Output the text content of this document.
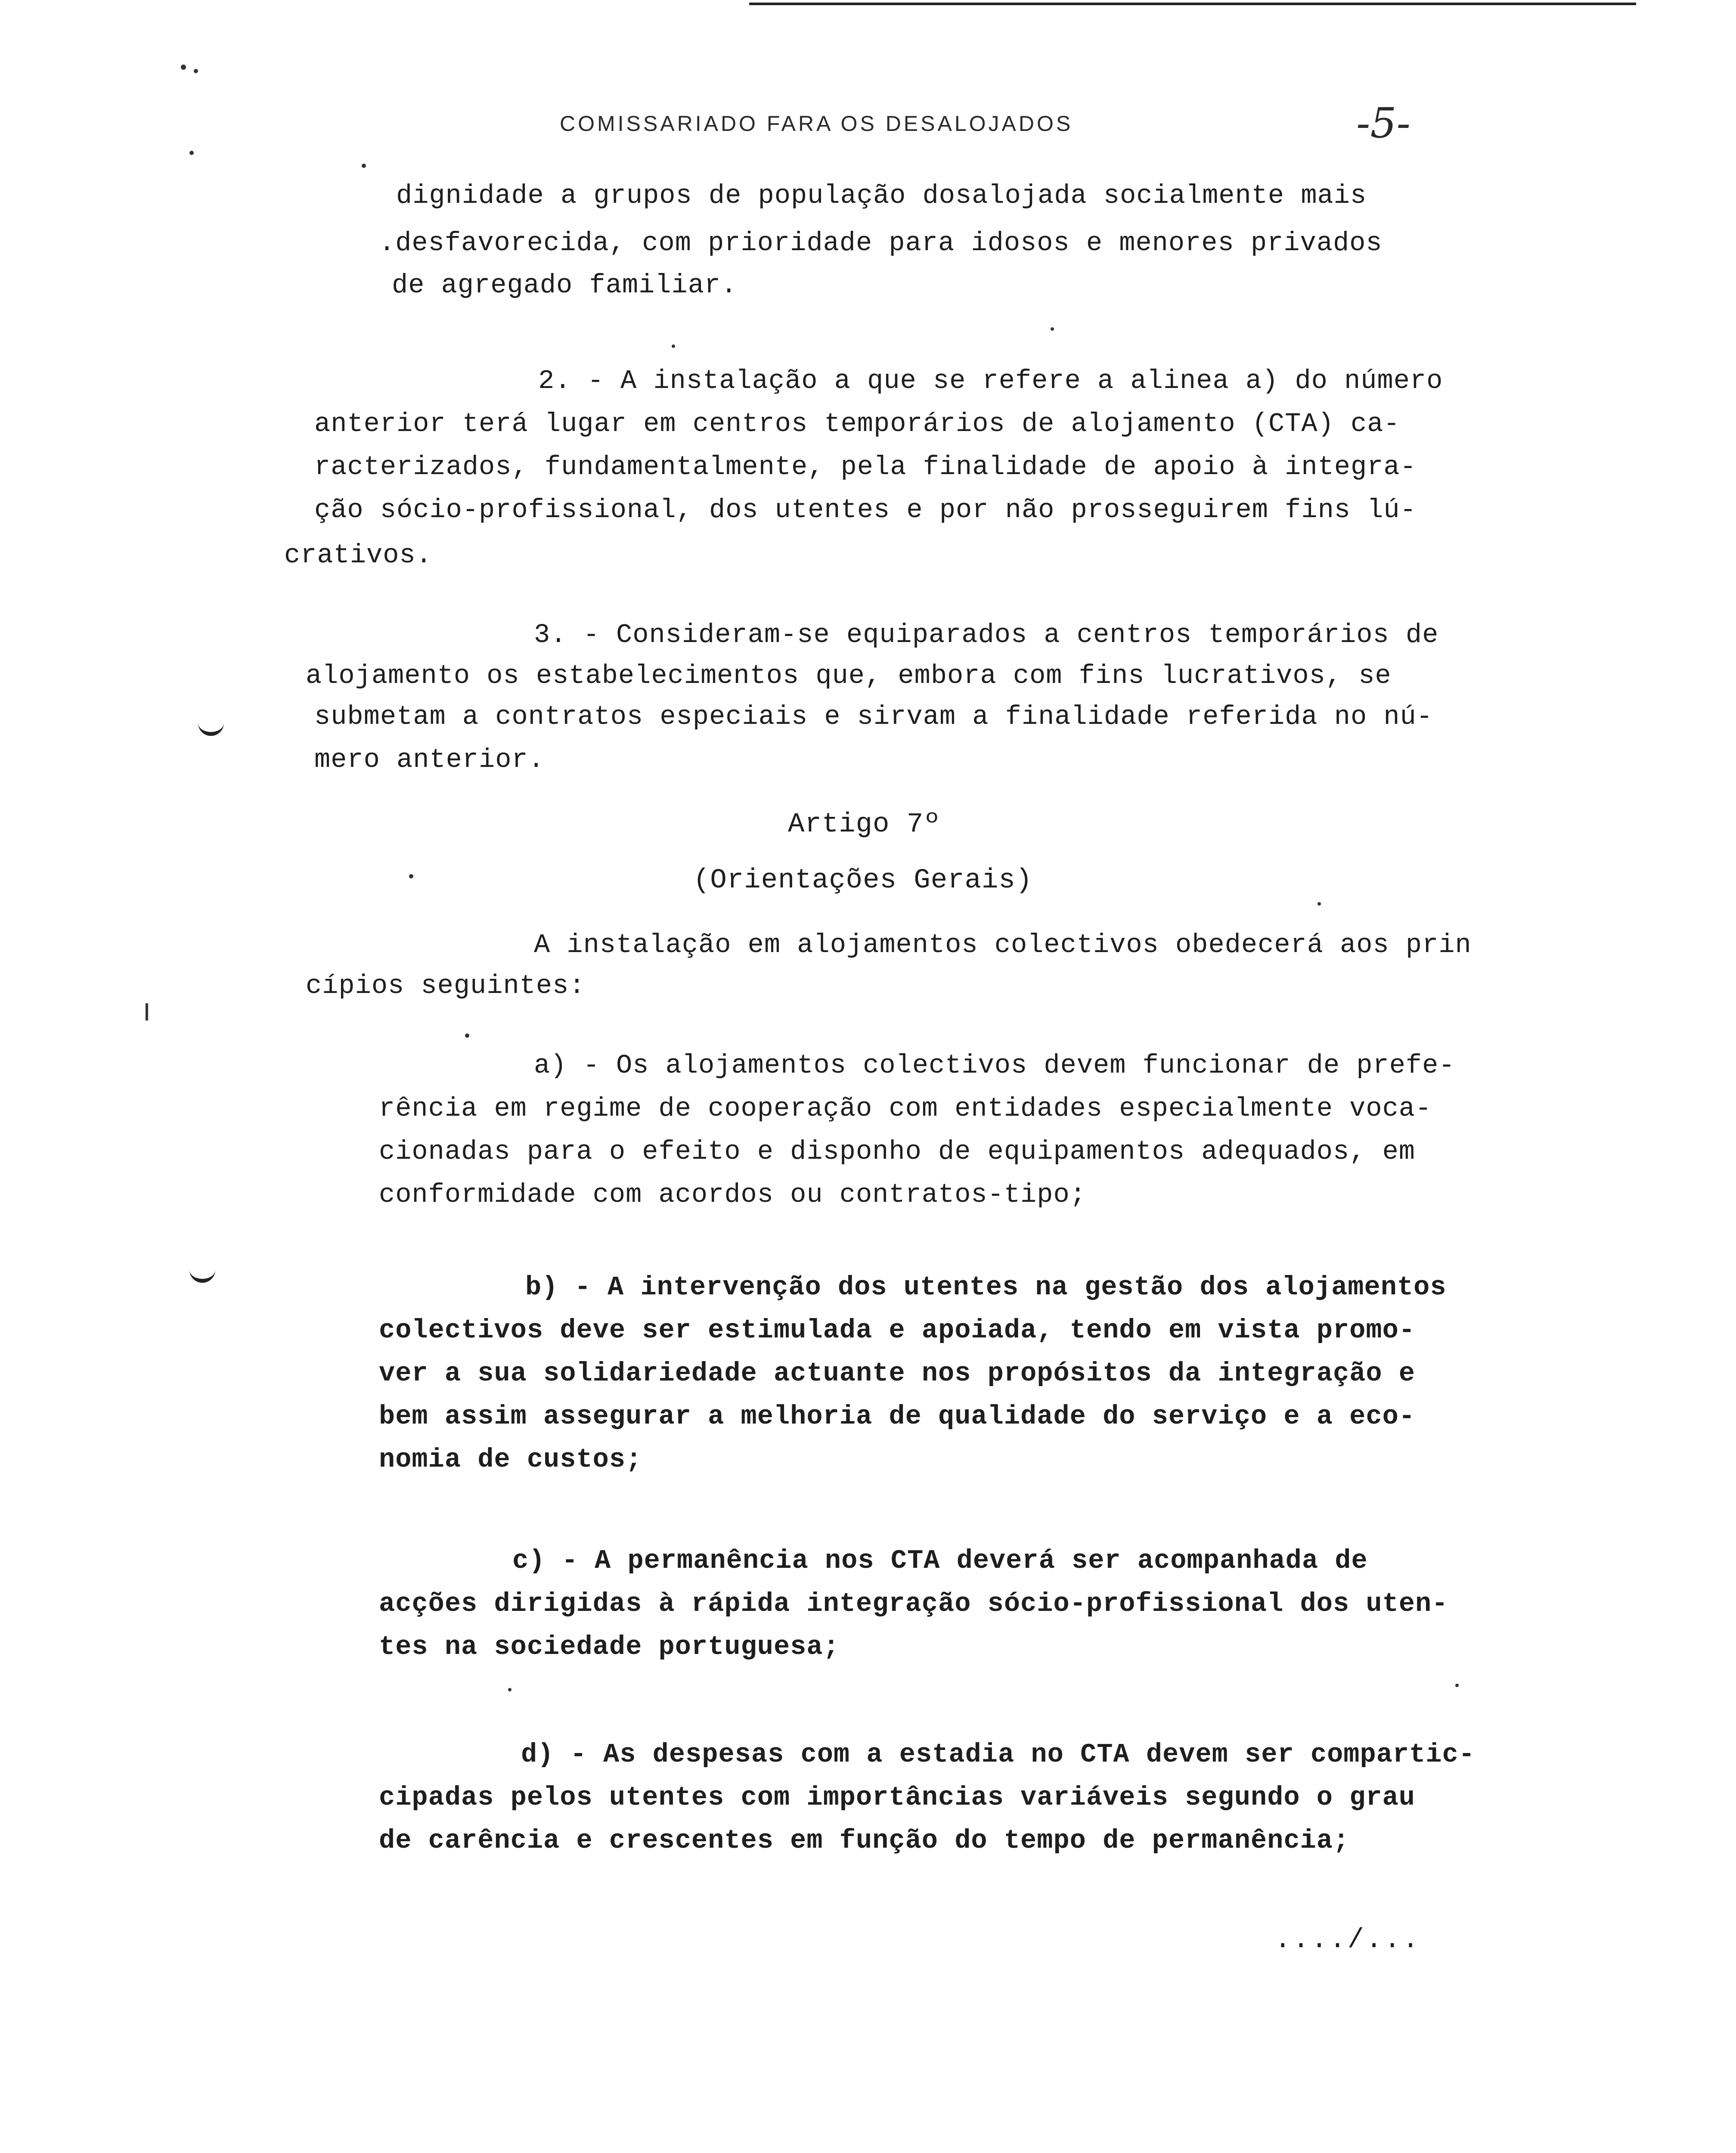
COMISSARIADO FARA OS DESALOJADOS	-5-
dignidade a grupos de população dosalojada socialmente mais
.desfavorecida, com prioridade para idosos e menores privados
de agregado familiar.
2. - A instalação a que se refere a alinea a) do número
anterior terá lugar em centros temporários de alojamento (CTA) ca-
racterizados, fundamentalmente, pela finalidade de apoio à integra-
ção sócio-profissional, dos utentes e por não prosseguirem fins lú-
crativos.
3. - Consideram-se equiparados a centros temporários de
alojamento os estabelecimentos que, embora com fins lucrativos, se
submetam a contratos especiais e sirvam a finalidade referida no nú-
mero anterior.
Artigo 7º
(Orientações Gerais)
A instalação em alojamentos colectivos obedecerá aos prin
cípios seguintes:
a) - Os alojamentos colectivos devem funcionar de prefe-
rência em regime de cooperação com entidades especialmente voca-
cionadas para o efeito e disponho de equipamentos adequados, em
conformidade com acordos ou contratos-tipo;
b) - A intervenção dos utentes na gestão dos alojamentos
colectivos deve ser estimulada e apoiada, tendo em vista promo-
ver a sua solidariedade actuante nos propósitos da integração e
bem assim assegurar a melhoria de qualidade do serviço e a eco-
nomia de custos;
c) - A permanência nos CTA deverá ser acompanhada de
acções dirigidas à rápida integração sócio-profissional dos uten-
tes na sociedade portuguesa;
d) - As despesas com a estadia no CTA devem ser compartic-
cipadas pelos utentes com importâncias variáveis segundo o grau
de carência e crescentes em função do tempo de permanência;
..../...
